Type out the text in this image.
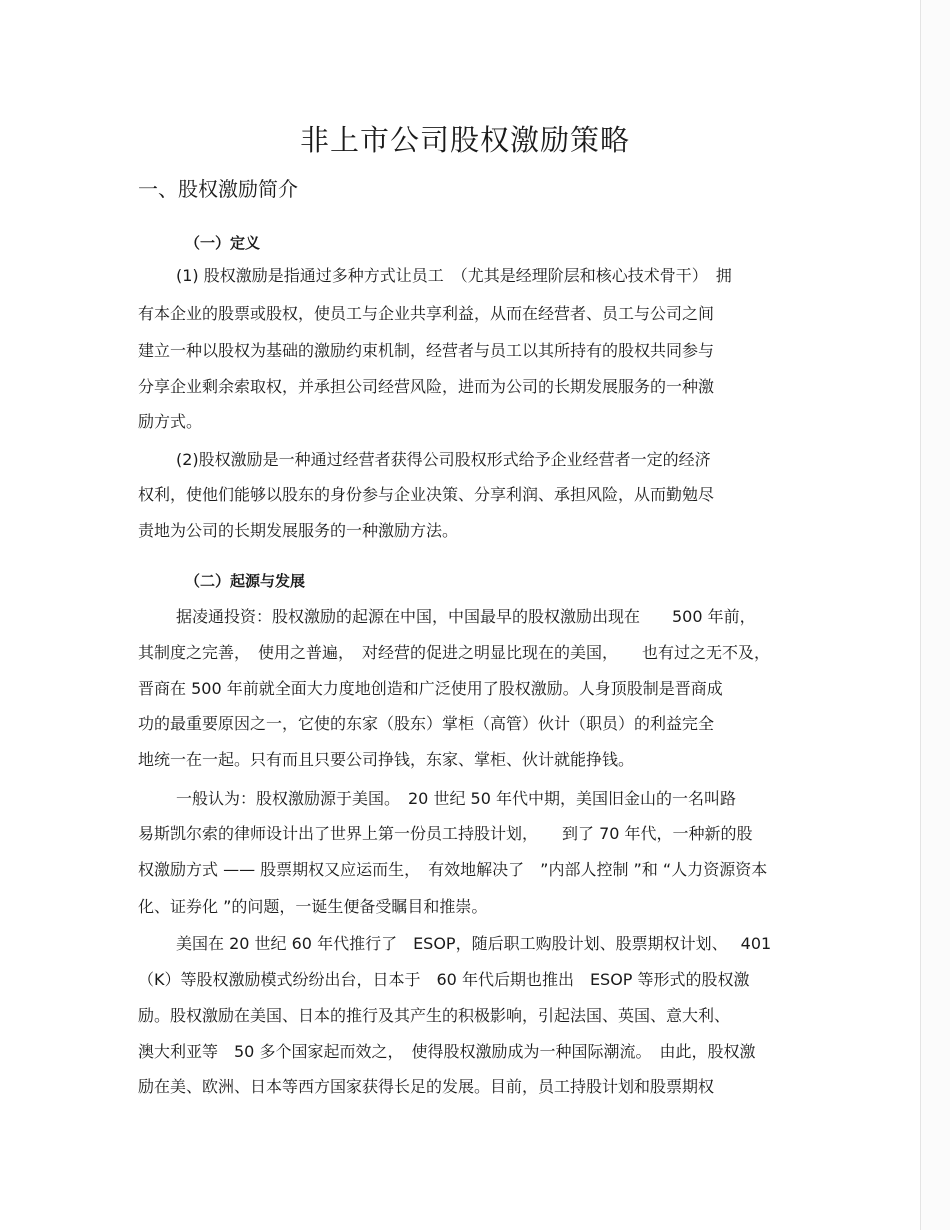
非上市公司股权激励策略
一、股权激励简介
（一）定义

(1) 股权激励是指通过多种方式让员工　（尤其是经理阶层和核心技术骨干）　拥

有本企业的股票或股权，使员工与企业共享利益，从而在经营者、员工与公司之间

建立一种以股权为基础的激励约束机制，经营者与员工以其所持有的股权共同参与

分享企业剩余索取权，并承担公司经营风险，进而为公司的长期发展服务的一种激

励方式。

(2)股权激励是一种通过经营者获得公司股权形式给予企业经营者一定的经济

权利，使他们能够以股东的身份参与企业决策、分享利润、承担风险，从而勤勉尽

责地为公司的长期发展服务的一种激励方法。

（二）起源与发展

据凌通投资：股权激励的起源在中国，中国最早的股权激励出现在　　500 年前，

其制度之完善，　使用之普遍，　对经营的促进之明显比现在的美国，　　也有过之无不及，

晋商在 500 年前就全面大力度地创造和广泛使用了股权激励。人身顶股制是晋商成

功的最重要原因之一，它使的东家（股东）掌柜（高管）伙计（职员）的利益完全

地统一在一起。只有而且只要公司挣钱，东家、掌柜、伙计就能挣钱。

一般认为：股权激励源于美国。　20 世纪 50 年代中期，美国旧金山的一名叫路

易斯凯尔索的律师设计出了世界上第一份员工持股计划，　　到了 70 年代，一种新的股

权激励方式 —— 股票期权又应运而生，　有效地解决了　”内部人控制 ”和 “人力资源资本

化、证券化 ”的问题，一诞生便备受瞩目和推崇。

美国在 20 世纪 60 年代推行了　ESOP，随后职工购股计划、股票期权计划、　 401

（K）等股权激励模式纷纷出台，日本于　60 年代后期也推出　ESOP 等形式的股权激

励。股权激励在美国、日本的推行及其产生的积极影响，引起法国、英国、意大利、

澳大利亚等　50 多个国家起而效之，　使得股权激励成为一种国际潮流。　由此，股权激

励在美、欧洲、日本等西方国家获得长足的发展。目前，员工持股计划和股票期权
